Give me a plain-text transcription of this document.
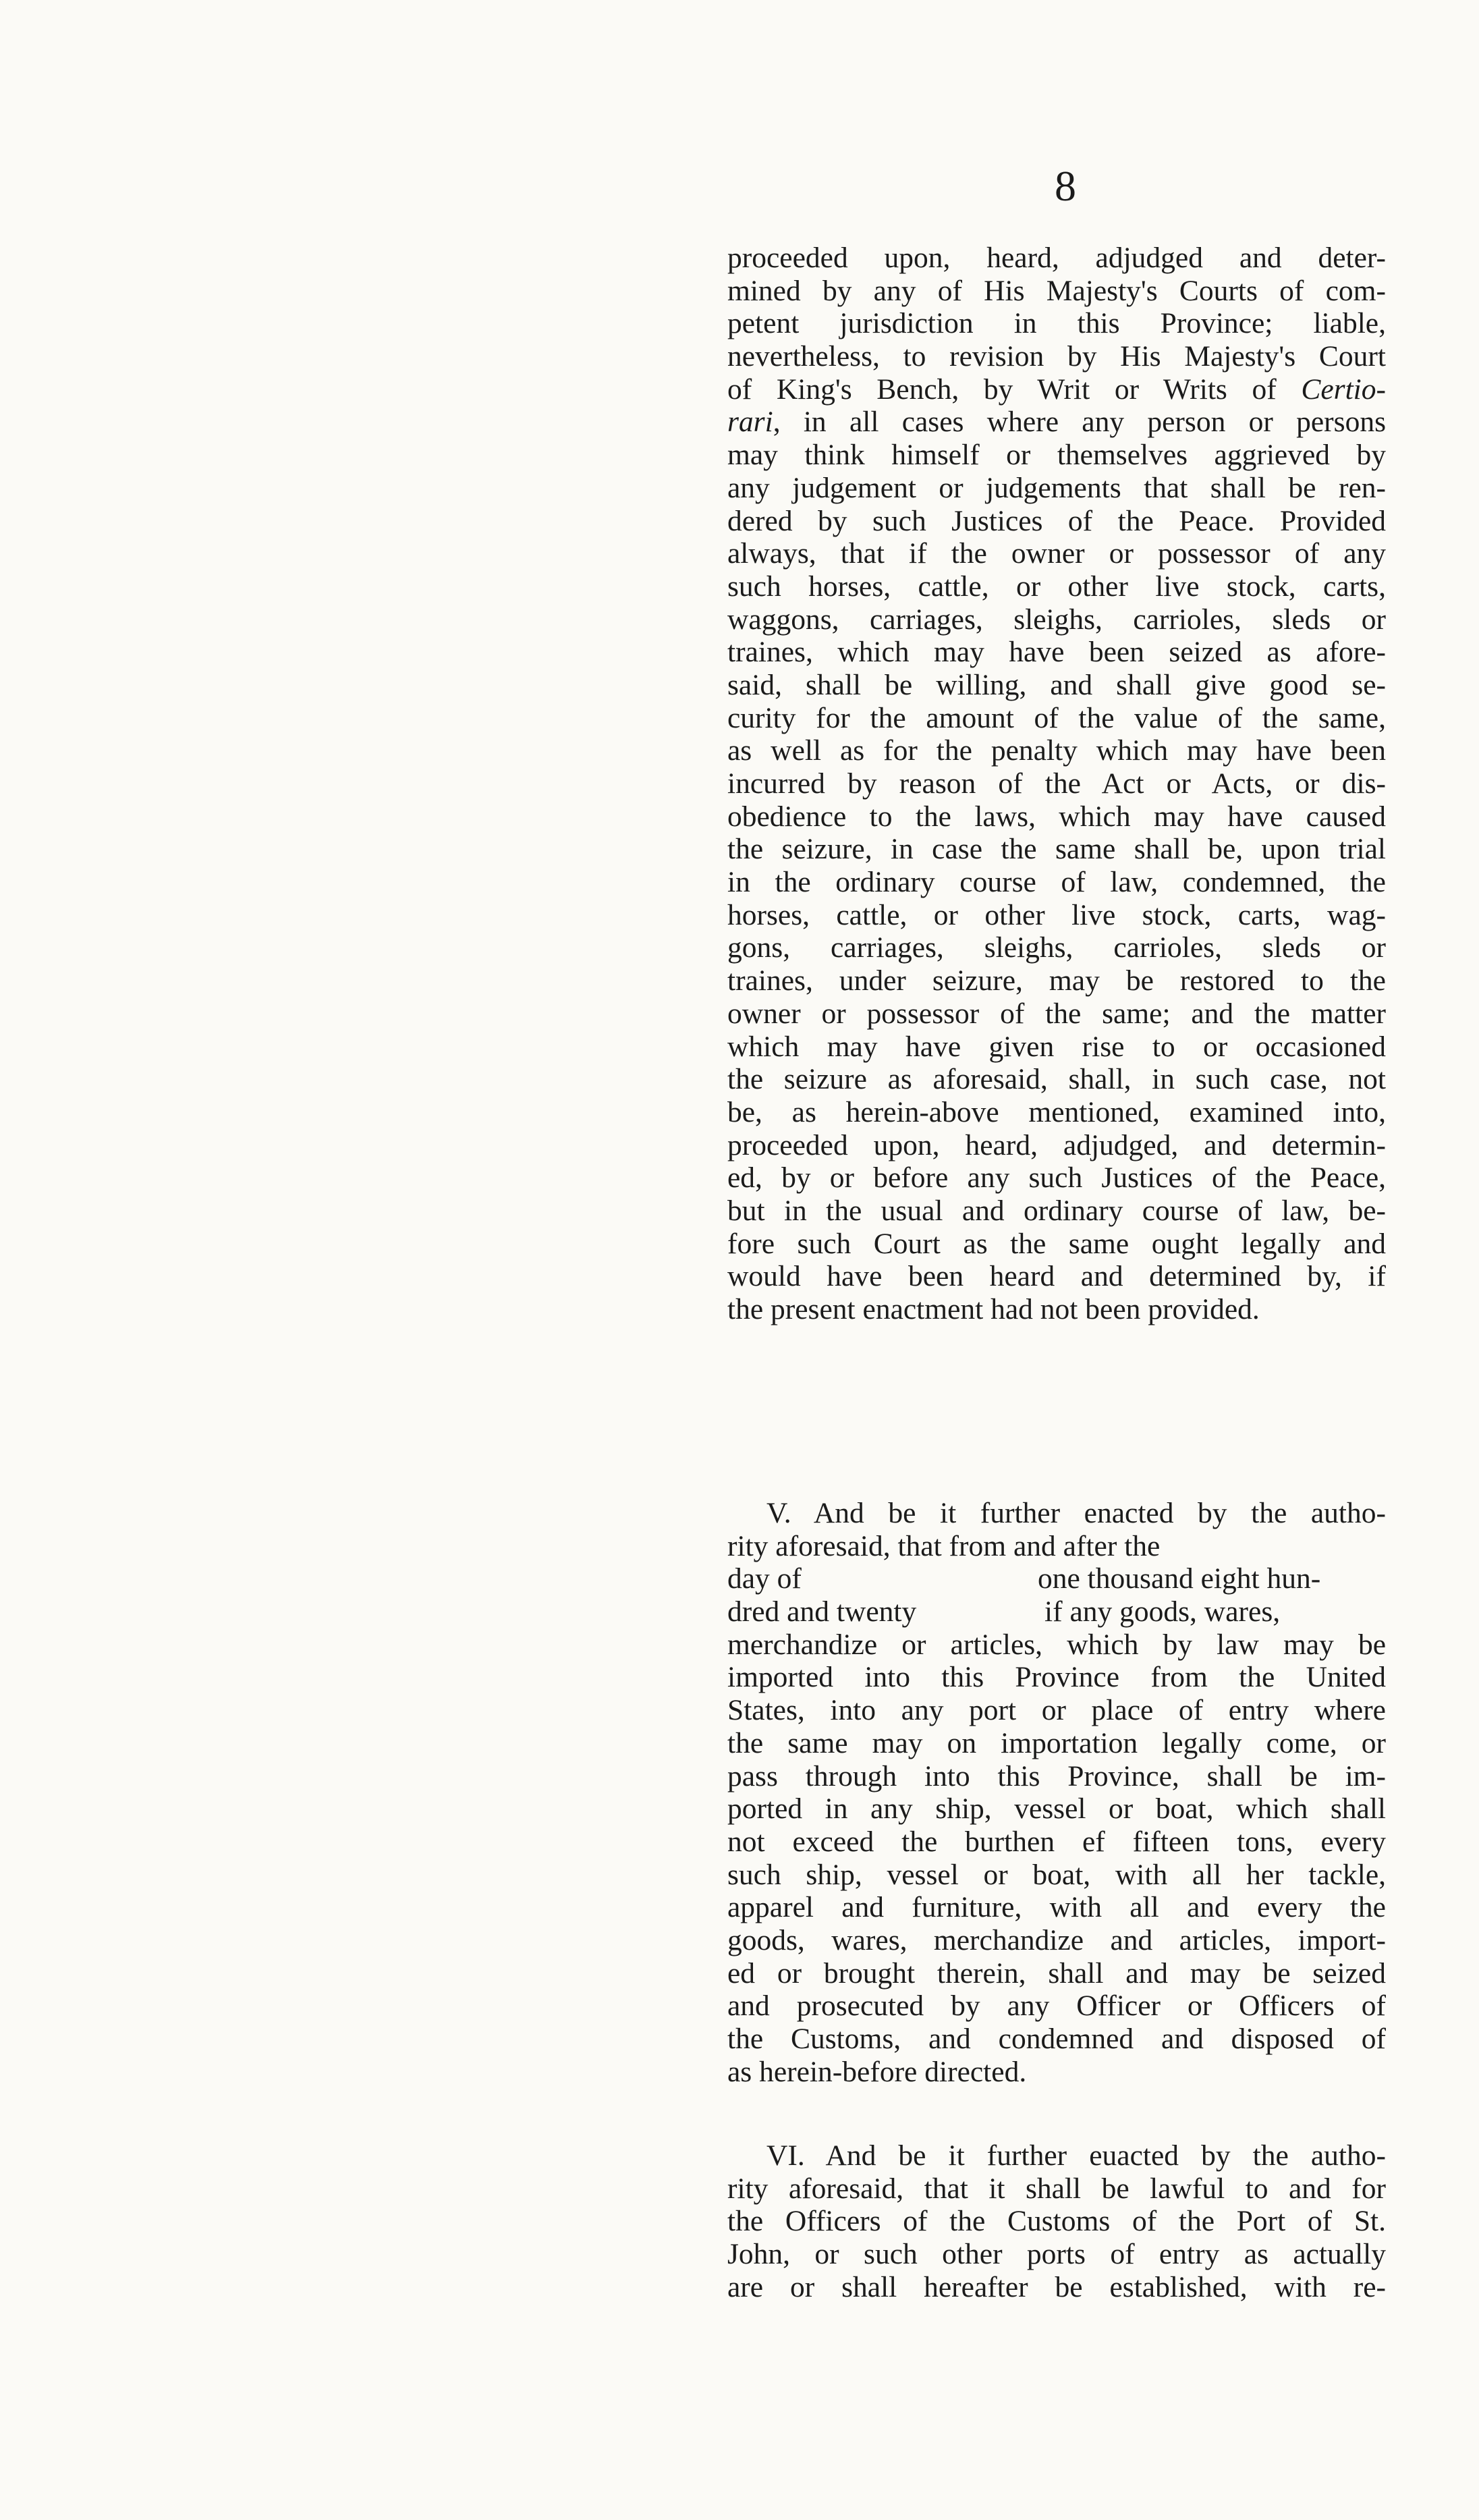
8
proceeded upon, heard, adjudged and deter-
mined by any of His Majesty's Courts of com-
petent jurisdiction in this Province; liable,
nevertheless, to revision by His Majesty's Court
of King's Bench, by Writ or Writs of Certio-
rari, in all cases where any person or persons
may think himself or themselves aggrieved by
any judgement or judgements that shall be ren-
dered by such Justices of the Peace. Provided
always, that if the owner or possessor of any
such horses, cattle, or other live stock, carts,
waggons, carriages, sleighs, carrioles, sleds or
traines, which may have been seized as afore-
said, shall be willing, and shall give good se-
curity for the amount of the value of the same,
as well as for the penalty which may have been
incurred by reason of the Act or Acts, or dis-
obedience to the laws, which may have caused
the seizure, in case the same shall be, upon trial
in the ordinary course of law, condemned, the
horses, cattle, or other live stock, carts, wag-
gons, carriages, sleighs, carrioles, sleds or
traines, under seizure, may be restored to the
owner or possessor of the same; and the matter
which may have given rise to or occasioned
the seizure as aforesaid, shall, in such case, not
be, as herein-above mentioned, examined into,
proceeded upon, heard, adjudged, and determin-
ed, by or before any such Justices of the Peace,
but in the usual and ordinary course of law, be-
fore such Court as the same ought legally and
would have been heard and determined by, if
the present enactment had not been provided.
V. And be it further enacted by the autho-
rity aforesaid, that from and after the
day of	one thousand eight hun-
dred and twenty	if any goods, wares,
merchandize or articles, which by law may be
imported into this Province from the United
States, into any port or place of entry where
the same may on importation legally come, or
pass through into this Province, shall be im-
ported in any ship, vessel or boat, which shall
not exceed the burthen ef fifteen tons, every
such ship, vessel or boat, with all her tackle,
apparel and furniture, with all and every the
goods, wares, merchandize and articles, import-
ed or brought therein, shall and may be seized
and prosecuted by any Officer or Officers of
the Customs, and condemned and disposed of
as herein-before directed.
VI. And be it further euacted by the autho-
rity aforesaid, that it shall be lawful to and for
the Officers of the Customs of the Port of St.
John, or such other ports of entry as actually
are or shall hereafter be established, with re-
